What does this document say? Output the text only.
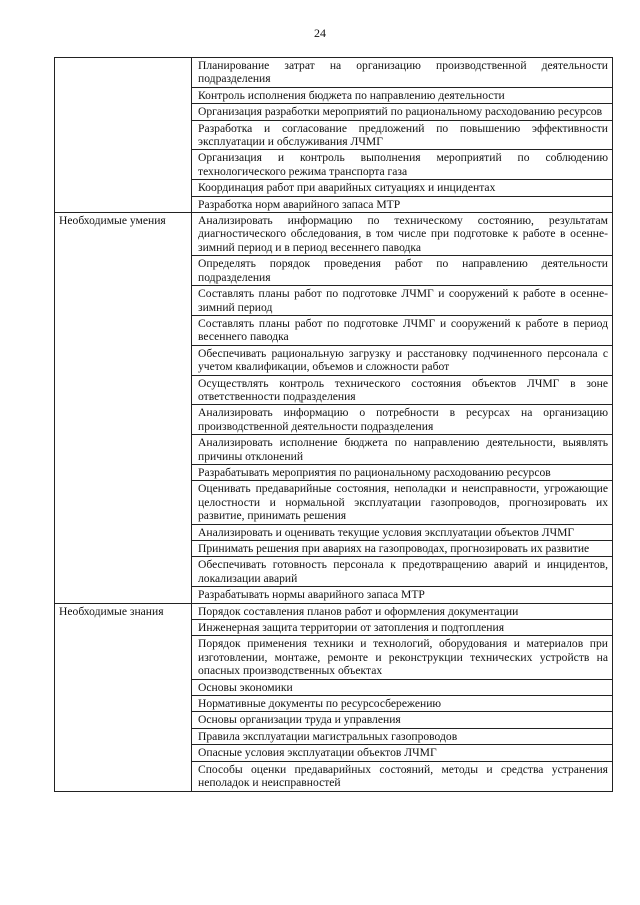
24
	Планирование затрат на организацию производственной деятельности подразделения
	Контроль исполнения бюджета по направлению деятельности
	Организация разработки мероприятий по рациональному расходованию ресурсов
	Разработка и согласование предложений по повышению эффективности эксплуатации и обслуживания ЛЧМГ
	Организация и контроль выполнения мероприятий по соблюдению технологического режима транспорта газа
	Координация работ при аварийных ситуациях и инцидентах
	Разработка норм аварийного запаса МТР
Необходимые умения	Анализировать информацию по техническому состоянию, результатам диагностического обследования, в том числе при подготовке к работе в осенне-зимний период и в период весеннего паводка
	Определять порядок проведения работ по направлению деятельности подразделения
	Составлять планы работ по подготовке ЛЧМГ и сооружений к работе в осенне-зимний период
	Составлять планы работ по подготовке ЛЧМГ и сооружений к работе в период весеннего паводка
	Обеспечивать рациональную загрузку и расстановку подчиненного персонала с учетом квалификации, объемов и сложности работ
	Осуществлять контроль технического состояния объектов ЛЧМГ в зоне ответственности подразделения
	Анализировать информацию о потребности в ресурсах на организацию производственной деятельности подразделения
	Анализировать исполнение бюджета по направлению деятельности, выявлять причины отклонений
	Разрабатывать мероприятия по рациональному расходованию ресурсов
	Оценивать предаварийные состояния, неполадки и неисправности, угрожающие целостности и нормальной эксплуатации газопроводов, прогнозировать их развитие, принимать решения
	Анализировать и оценивать текущие условия эксплуатации объектов ЛЧМГ
	Принимать решения при авариях на газопроводах, прогнозировать их развитие
	Обеспечивать готовность персонала к предотвращению аварий и инцидентов, локализации аварий
	Разрабатывать нормы аварийного запаса МТР
Необходимые знания	Порядок составления планов работ и оформления документации
	Инженерная защита территории от затопления и подтопления
	Порядок применения техники и технологий, оборудования и материалов при изготовлении, монтаже, ремонте и реконструкции технических устройств на опасных производственных объектах
	Основы экономики
	Нормативные документы по ресурсосбережению
	Основы организации труда и управления
	Правила эксплуатации магистральных газопроводов
	Опасные условия эксплуатации объектов ЛЧМГ
	Способы оценки предаварийных состояний, методы и средства устранения неполадок и неисправностей
